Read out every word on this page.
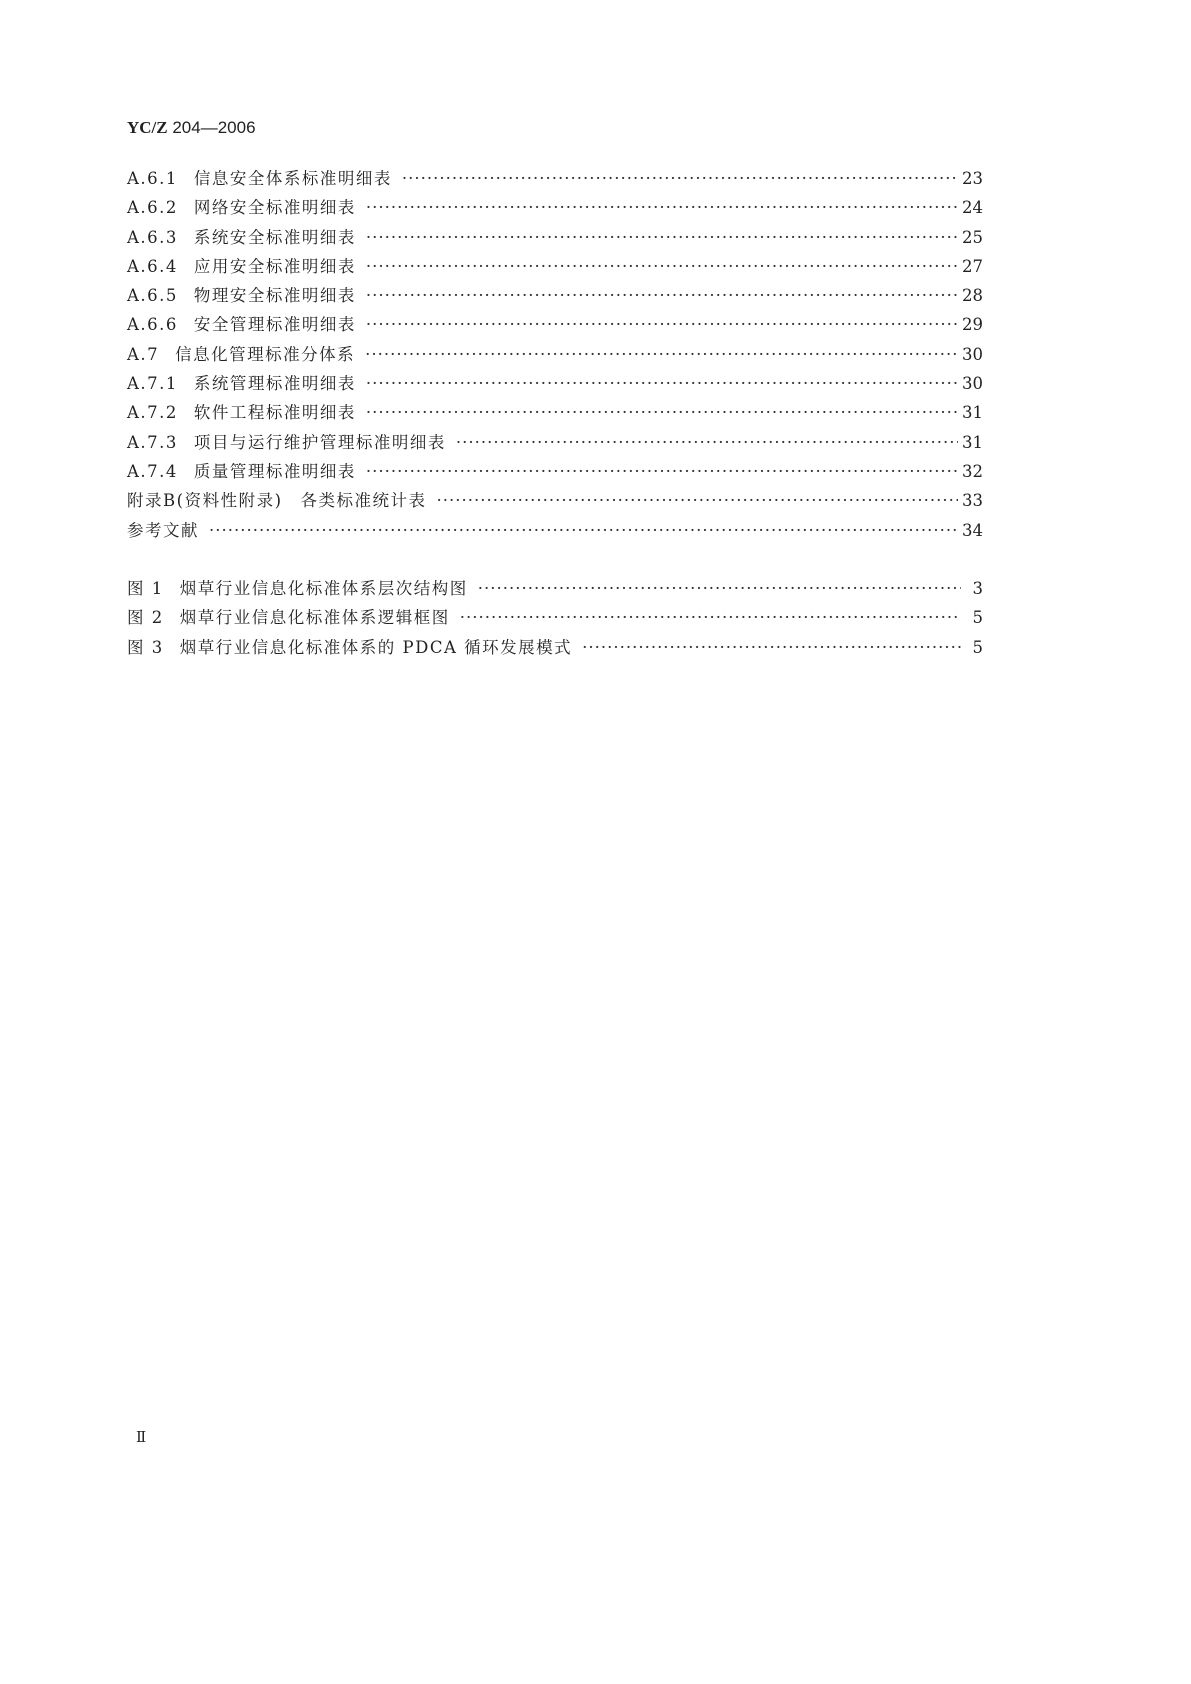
YC/Z 204—2006
A.6.1 信息安全体系标准明细表 ·····	23
A.6.2 网络安全标准明细表 ·····	24
A.6.3 系统安全标准明细表 ·····	25
A.6.4 应用安全标准明细表 ·····	27
A.6.5 物理安全标准明细表 ·····	28
A.6.6 安全管理标准明细表 ·····	29
A.7 信息化管理标准分体系 ·····	30
A.7.1 系统管理标准明细表 ·····	30
A.7.2 软件工程标准明细表 ·····	31
A.7.3 项目与运行维护管理标准明细表 ·····	31
A.7.4 质量管理标准明细表 ·····	32
附录B(资料性附录)　各类标准统计表 ·····	33
参考文献 ·····	34
图 1 烟草行业信息化标准体系层次结构图 ·····	3
图 2 烟草行业信息化标准体系逻辑框图 ·····	5
图 3 烟草行业信息化标准体系的 PDCA 循环发展模式 ·····	5
Ⅱ
